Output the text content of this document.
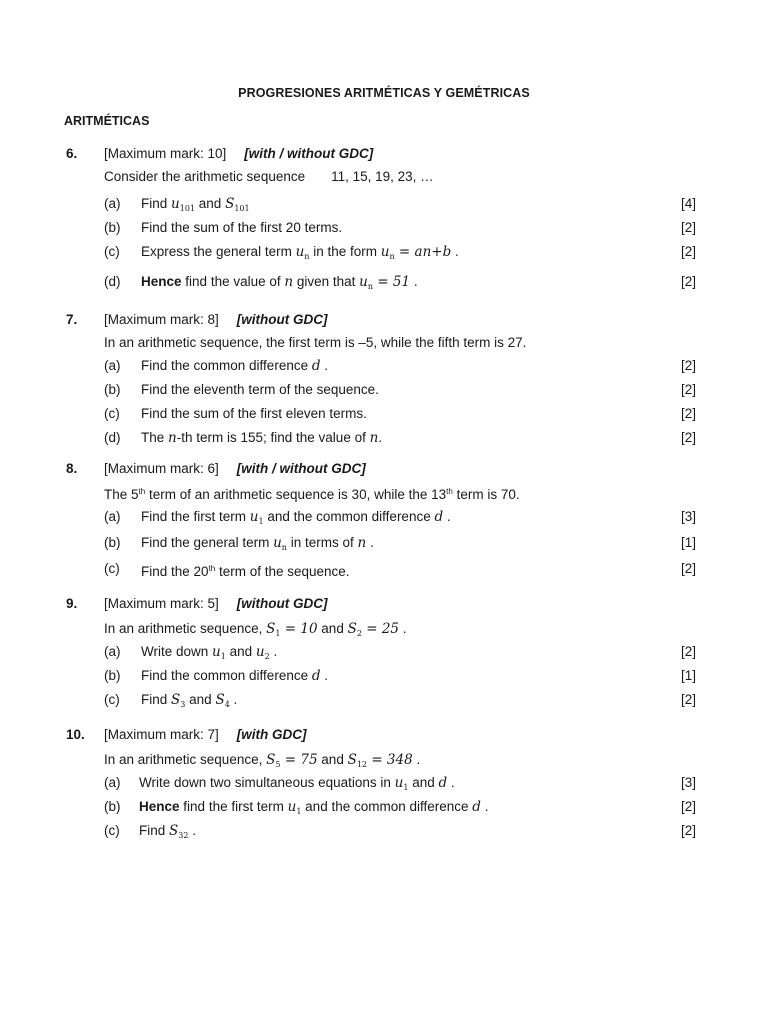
PROGRESIONES ARITMÉTICAS Y GEMÉTRICAS
ARITMÉTICAS
6. [Maximum mark: 10] [with / without GDC]
Consider the arithmetic sequence 11, 15, 19, 23, …
(a) Find $u_{101}$ and $S_{101}$	[4]
(b) Find the sum of the first 20 terms.	[2]
(c) Express the general term $u_n$ in the form $u_n = an+b$ .	[2]
(d) Hence find the value of n given that $u_n = 51$ .	[2]
7. [Maximum mark: 8] [without GDC]
In an arithmetic sequence, the first term is –5, while the fifth term is 27.
(a) Find the common difference d .	[2]
(b) Find the eleventh term of the sequence.	[2]
(c) Find the sum of the first eleven terms.	[2]
(d) The n-th term is 155; find the value of n.	[2]
8. [Maximum mark: 6] [with / without GDC]
The 5th term of an arithmetic sequence is 30, while the 13th term is 70.
(a) Find the first term $u_1$ and the common difference d .	[3]
(b) Find the general term $u_n$ in terms of n .	[1]
(c) Find the 20th term of the sequence.	[2]
9. [Maximum mark: 5] [without GDC]
In an arithmetic sequence, $S_1 = 10$ and $S_2 = 25$ .
(a) Write down $u_1$ and $u_2$ .	[2]
(b) Find the common difference d .	[1]
(c) Find $S_3$ and $S_4$ .	[2]
10. [Maximum mark: 7] [with GDC]
In an arithmetic sequence, $S_5 = 75$ and $S_{12} = 348$ .
(a) Write down two simultaneous equations in $u_1$ and d .	[3]
(b) Hence find the first term $u_1$ and the common difference d .	[2]
(c) Find $S_{32}$ .	[2]
